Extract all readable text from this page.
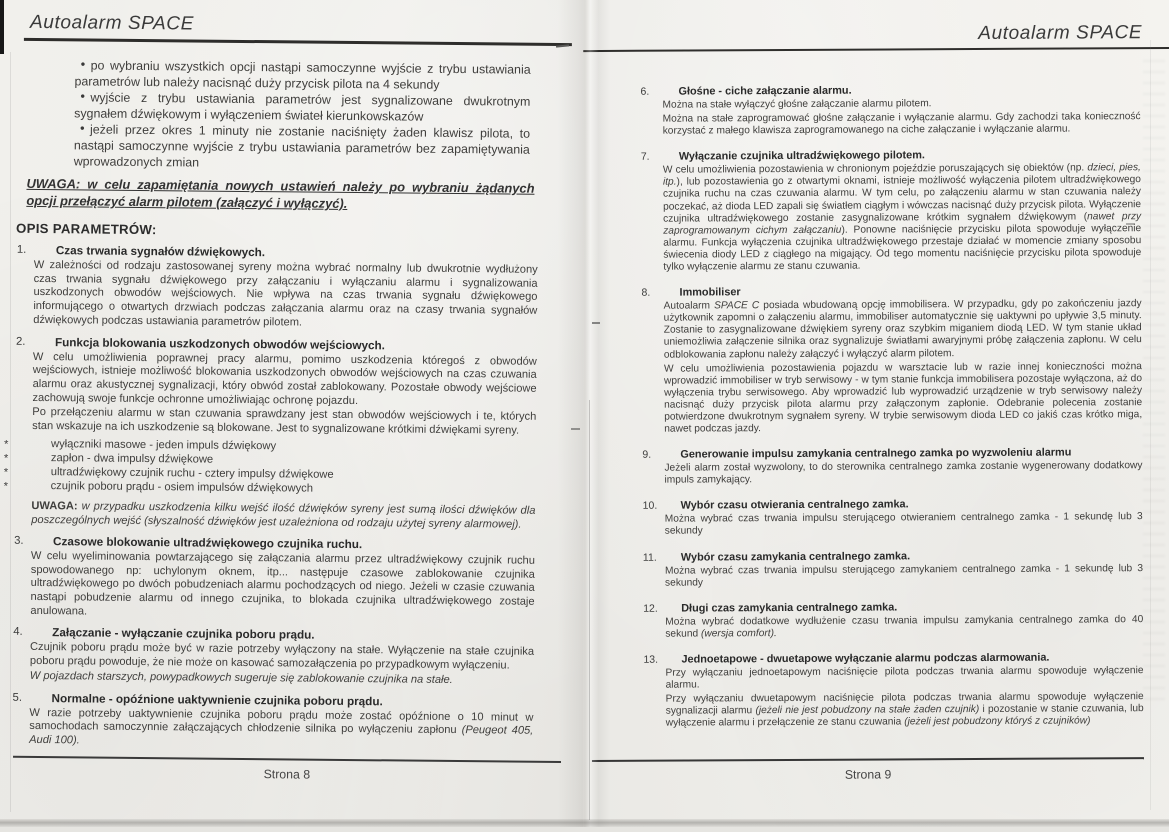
Autoalarm SPACE
• po wybraniu wszystkich opcji nastąpi samoczynne wyjście z trybu ustawiania parametrów lub należy nacisnąć duży przycisk pilota na 4 sekundy
• wyjście z trybu ustawiania parametrów jest sygnalizowane dwukrotnym sygnałem dźwiękowym i wyłączeniem świateł kierunkowskazów
• jeżeli przez okres 1 minuty nie zostanie naciśnięty żaden klawisz pilota, to nastąpi samoczynne wyjście z trybu ustawiania parametrów bez zapamiętywania wprowadzonych zmian
UWAGA: w celu zapamiętania nowych ustawień należy po wybraniu żądanych opcji przełączyć alarm pilotem (załączyć i wyłączyć).
OPIS PARAMETRÓW:
1.	Czas trwania sygnałów dźwiękowych.

W zależności od rodzaju zastosowanej syreny można wybrać normalny lub dwukrotnie wydłużony czas trwania sygnału dźwiękowego przy załączaniu i wyłączaniu alarmu i sygnalizowania uszkodzonych obwodów wejściowych. Nie wpływa na czas trwania sygnału dźwiękowego informującego o otwartych drzwiach podczas załączania alarmu oraz na czasy trwania sygnałów dźwiękowych podczas ustawiania parametrów pilotem.

2.	Funkcja blokowania uszkodzonych obwodów wejściowych.

W celu umożliwienia poprawnej pracy alarmu, pomimo uszkodzenia któregoś z obwodów wejściowych, istnieje możliwość blokowania uszkodzonych obwodów wejściowych na czas czuwania alarmu oraz akustycznej sygnalizacji, który obwód został zablokowany. Pozostałe obwody wejściowe zachowują swoje funkcje ochronne umożliwiając ochronę pojazdu.

Po przełączeniu alarmu w stan czuwania sprawdzany jest stan obwodów wejściowych i te, których stan wskazuje na ich uszkodzenie są blokowane. Jest to sygnalizowane krótkimi dźwiękami syreny.

* wyłączniki masowe - jeden impuls dźwiękowy
* zapłon - dwa impulsy dźwiękowe
* ultradźwiękowy czujnik ruchu - cztery impulsy dźwiękowe
* czujnik poboru prądu - osiem impulsów dźwiękowych
UWAGA: w przypadku uszkodzenia kilku wejść ilość dźwięków syreny jest sumą ilości dźwięków dla poszczególnych wejść (słyszalność dźwięków jest uzależniona od rodzaju użytej syreny alarmowej).
3.	Czasowe blokowanie ultradźwiękowego czujnika ruchu.

W celu wyeliminowania powtarzającego się załączania alarmu przez ultradźwiękowy czujnik ruchu spowodowanego np: uchylonym oknem, itp... następuje czasowe zablokowanie czujnika ultradźwiękowego po dwóch pobudzeniach alarmu pochodzących od niego. Jeżeli w czasie czuwania nastąpi pobudzenie alarmu od innego czujnika, to blokada czujnika ultradźwiękowego zostaje anulowana.

4.	Załączanie - wyłączanie czujnika poboru prądu.

Czujnik poboru prądu może być w razie potrzeby wyłączony na stałe. Wyłączenie na stałe czujnika poboru prądu powoduje, że nie może on kasować samozałączenia po przypadkowym wyłączeniu.

W pojazdach starszych, powypadkowych sugeruje się zablokowanie czujnika na stałe.

5.	Normalne - opóźnione uaktywnienie czujnika poboru prądu.

W razie potrzeby uaktywnienie czujnika poboru prądu może zostać opóźnione o 10 minut w samochodach samoczynnie załączających chłodzenie silnika po wyłączeniu zapłonu (Peugeot 405, Audi 100).

Strona 8
Autoalarm SPACE
6.	Głośne - ciche załączanie alarmu.

Można na stałe wyłączyć głośne załączanie alarmu pilotem.

Można na stałe zaprogramować głośne załączanie i wyłączanie alarmu. Gdy zachodzi taka konieczność korzystać z małego klawisza zaprogramowanego na ciche załączanie i wyłączanie alarmu.

7.	Wyłączanie czujnika ultradźwiękowego pilotem.

W celu umożliwienia pozostawienia w chronionym pojeździe poruszających się obiektów (np. dzieci, pies, itp.), lub pozostawienia go z otwartymi oknami, istnieje możliwość wyłączenia pilotem ultradźwiękowego czujnika ruchu na czas czuwania alarmu. W tym celu, po załączeniu alarmu w stan czuwania należy poczekać, aż dioda LED zapali się światłem ciągłym i wówczas nacisnąć duży przycisk pilota. Wyłączenie czujnika ultradźwiękowego zostanie zasygnalizowane krótkim sygnałem dźwiękowym (nawet przy zaprogramowanym cichym załączaniu). Ponowne naciśnięcie przycisku pilota spowoduje wyłączenie alarmu. Funkcja wyłączenia czujnika ultradźwiękowego przestaje działać w momencie zmiany sposobu świecenia diody LED z ciągłego na migający. Od tego momentu naciśnięcie przycisku pilota spowoduje tylko wyłączenie alarmu ze stanu czuwania.

8.	Immobiliser

Autoalarm SPACE C posiada wbudowaną opcję immobilisera. W przypadku, gdy po zakończeniu jazdy użytkownik zapomni o załączeniu alarmu, immobiliser automatycznie się uaktywni po upływie 3,5 minuty. Zostanie to zasygnalizowane dźwiękiem syreny oraz szybkim miganiem diodą LED. W tym stanie układ uniemożliwia załączenie silnika oraz sygnalizuje światłami awaryjnymi próbę załączenia zapłonu. W celu odblokowania zapłonu należy załączyć i wyłączyć alarm pilotem.

W celu umożliwienia pozostawienia pojazdu w warsztacie lub w razie innej konieczności można wprowadzić immobiliser w tryb serwisowy - w tym stanie funkcja immobilisera pozostaje wyłączona, aż do wyłączenia trybu serwisowego. Aby wprowadzić lub wyprowadzić urządzenie w tryb serwisowy należy nacisnąć duży przycisk pilota alarmu przy załączonym zapłonie. Odebranie polecenia zostanie potwierdzone dwukrotnym sygnałem syreny. W trybie serwisowym dioda LED co jakiś czas krótko miga, nawet podczas jazdy.

9.	Generowanie impulsu zamykania centralnego zamka po wyzwoleniu alarmu

Jeżeli alarm został wyzwolony, to do sterownika centralnego zamka zostanie wygenerowany dodatkowy impuls zamykający.

10.	Wybór czasu otwierania centralnego zamka.

Można wybrać czas trwania impulsu sterującego otwieraniem centralnego zamka - 1 sekundę lub 3 sekundy

11.	Wybór czasu zamykania centralnego zamka.

Można wybrać czas trwania impulsu sterującego zamykaniem centralnego zamka - 1 sekundę lub 3 sekundy

12.	Długi czas zamykania centralnego zamka.

Można wybrać dodatkowe wydłużenie czasu trwania impulsu zamykania centralnego zamka do 40 sekund (wersja comfort).

13.	Jednoetapowe - dwuetapowe wyłączanie alarmu podczas alarmowania.

Przy wyłączaniu jednoetapowym naciśnięcie pilota podczas trwania alarmu spowoduje wyłączenie alarmu.

Przy wyłączaniu dwuetapowym naciśnięcie pilota podczas trwania alarmu spowoduje wyłączenie sygnalizacji alarmu (jeżeli nie jest pobudzony na stałe żaden czujnik) i pozostanie w stanie czuwania, lub wyłączenie alarmu i przełączenie ze stanu czuwania (jeżeli jest pobudzony któryś z czujników)

Strona 9
